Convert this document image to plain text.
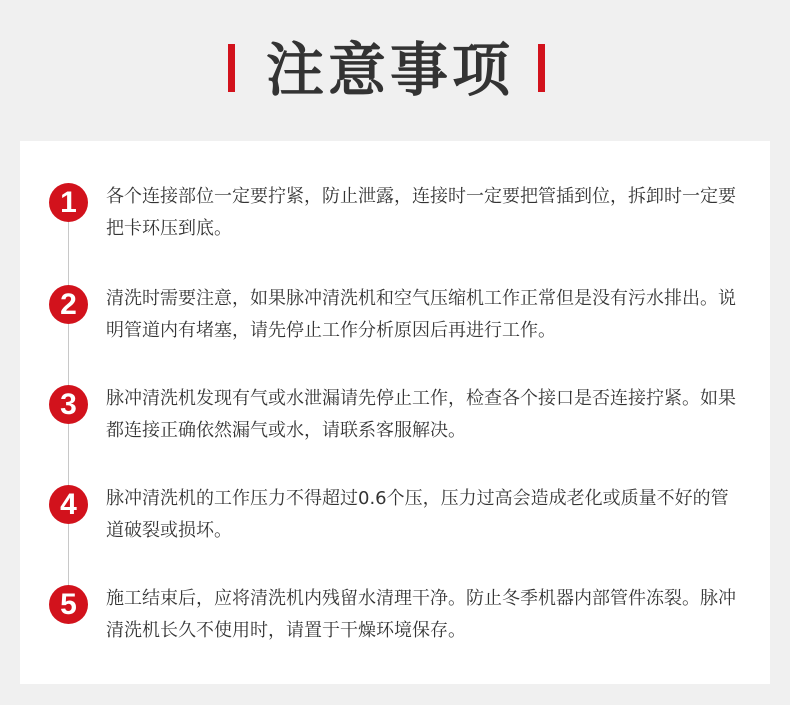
注意事项
1	各个连接部位一定要拧紧，防止泄露，连接时一定要把管插到位，拆卸时一定要把卡环压到底。
2	清洗时需要注意，如果脉冲清洗机和空气压缩机工作正常但是没有污水排出。说明管道内有堵塞，请先停止工作分析原因后再进行工作。
3	脉冲清洗机发现有气或水泄漏请先停止工作，检查各个接口是否连接拧紧。如果都连接正确依然漏气或水，请联系客服解决。
4	脉冲清洗机的工作压力不得超过0.6个压，压力过高会造成老化或质量不好的管道破裂或损坏。
5	施工结束后，应将清洗机内残留水清理干净。防止冬季机器内部管件冻裂。脉冲清洗机长久不使用时，请置于干燥环境保存。
